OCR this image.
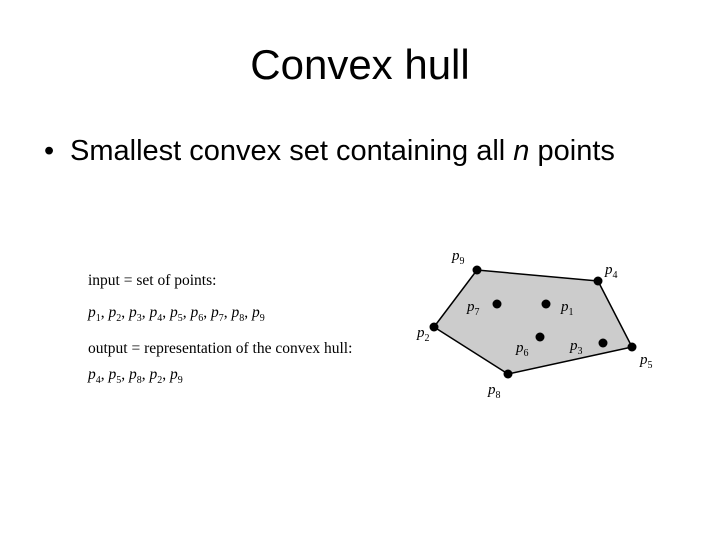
Convex hull
• Smallest convex set containing all n points
input = set of points:
$p_1$, $p_2$, $p_3$, $p_4$, $p_5$, $p_6$, $p_7$, $p_8$, $p_9$
output = representation of the convex hull:
$p_4$, $p_5$, $p_8$, $p_2$, $p_9$
$p_1$
$p_2$	$p_3$
$p_4$
$p_5$
$p_6$
$p_7$
$p_8$
$p_9$
